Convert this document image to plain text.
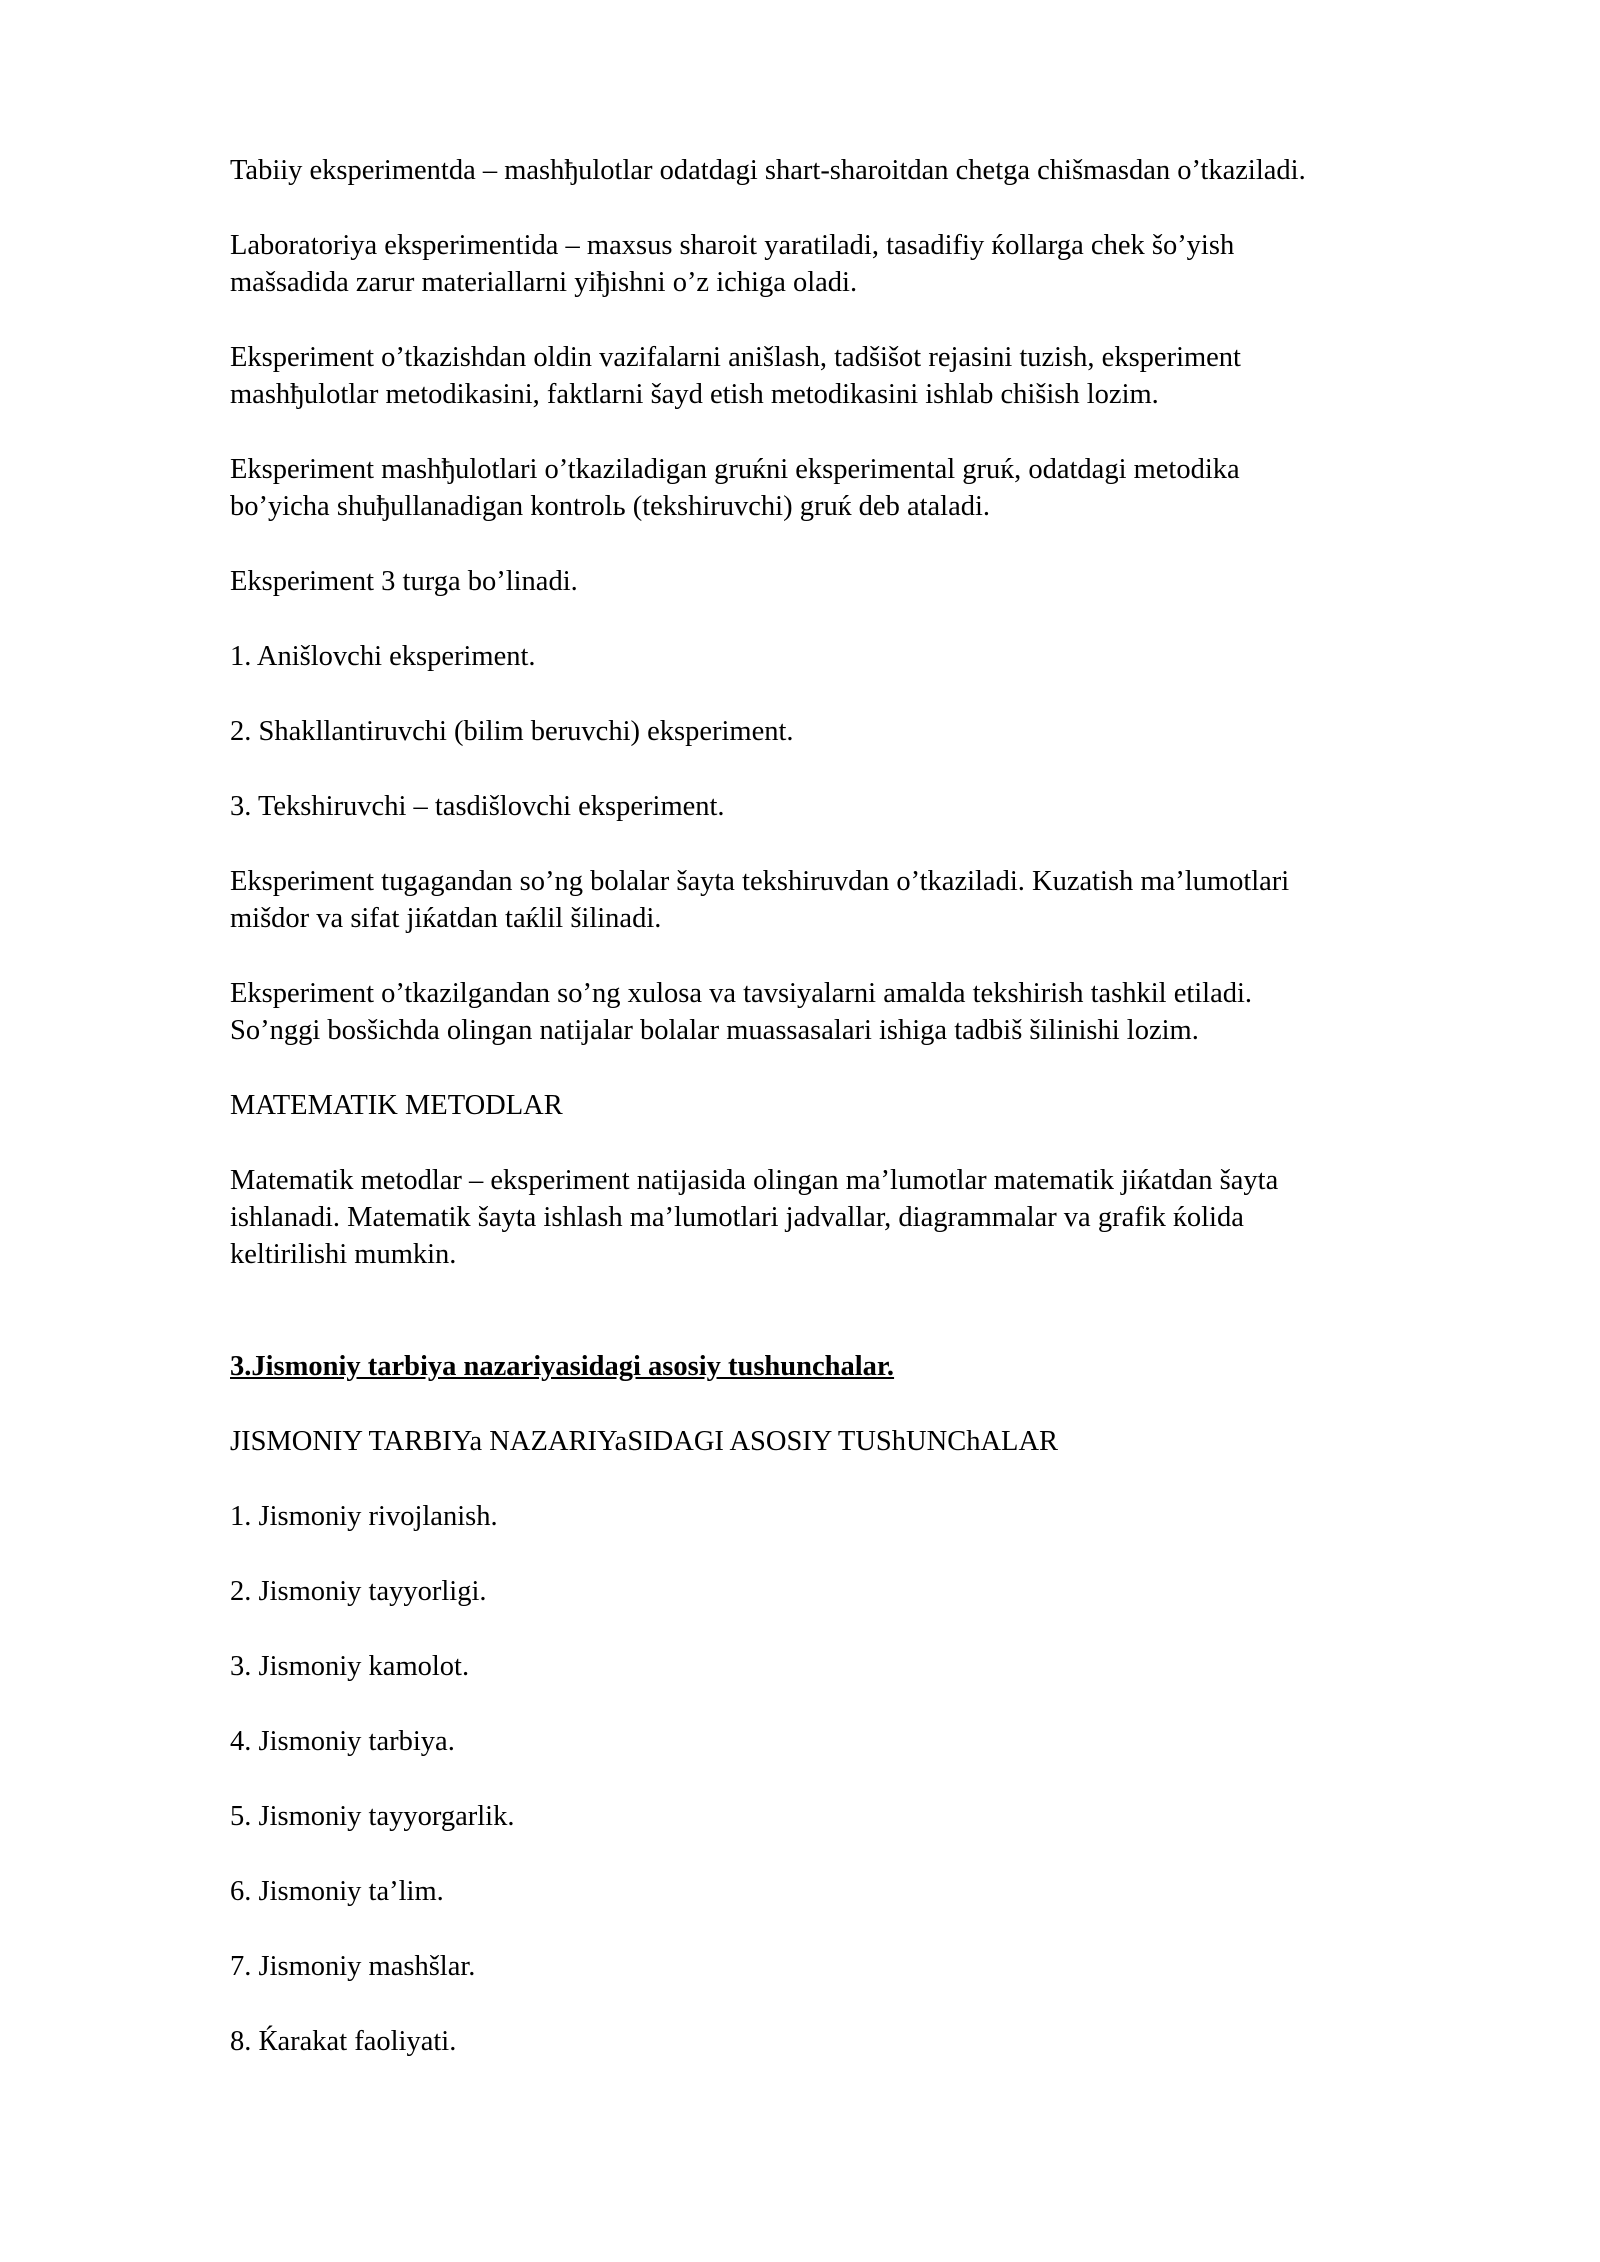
Tabiiy eksperimentda – mashђulotlar odatdagi shart-sharoitdan chetga chišmasdan o’tkaziladi.

Laboratoriya eksperimentida – maxsus sharoit yaratiladi, tasadifiy ќollarga chek šo’yish
mašsadida zarur materiallarni yiђishni o’z ichiga oladi.

Eksperiment o’tkazishdan oldin vazifalarni anišlash, tadšišot rejasini tuzish, eksperiment
mashђulotlar metodikasini, faktlarni šayd etish metodikasini ishlab chišish lozim.

Eksperiment mashђulotlari o’tkaziladigan gruќni eksperimental gruќ, odatdagi metodika
bo’yicha shuђullanadigan kontrolь (tekshiruvchi) gruќ deb ataladi.

Eksperiment 3 turga bo’linadi.

1. Anišlovchi eksperiment.

2. Shakllantiruvchi (bilim beruvchi) eksperiment.

3. Tekshiruvchi – tasdišlovchi eksperiment.

Eksperiment tugagandan so’ng bolalar šayta tekshiruvdan o’tkaziladi. Kuzatish ma’lumotlari
mišdor va sifat jiќatdan taќlil šilinadi.

Eksperiment o’tkazilgandan so’ng xulosa va tavsiyalarni amalda tekshirish tashkil etiladi.
So’nggi bosšichda olingan natijalar bolalar muassasalari ishiga tadbiš šilinishi lozim.

MATEMATIK METODLAR

Matematik metodlar – eksperiment natijasida olingan ma’lumotlar matematik jiќatdan šayta
ishlanadi. Matematik šayta ishlash ma’lumotlari jadvallar, diagrammalar va grafik ќolida
keltirilishi mumkin.

3.Jismoniy tarbiya nazariyasidagi asosiy tushunchalar.

JISMONIY TARBIYa NAZARIYaSIDAGI ASOSIY TUShUNChALAR

1. Jismoniy rivojlanish.

2. Jismoniy tayyorligi.

3. Jismoniy kamolot.

4. Jismoniy tarbiya.

5. Jismoniy tayyorgarlik.

6. Jismoniy ta’lim.

7. Jismoniy mashšlar.

8. Ќarakat faoliyati.
